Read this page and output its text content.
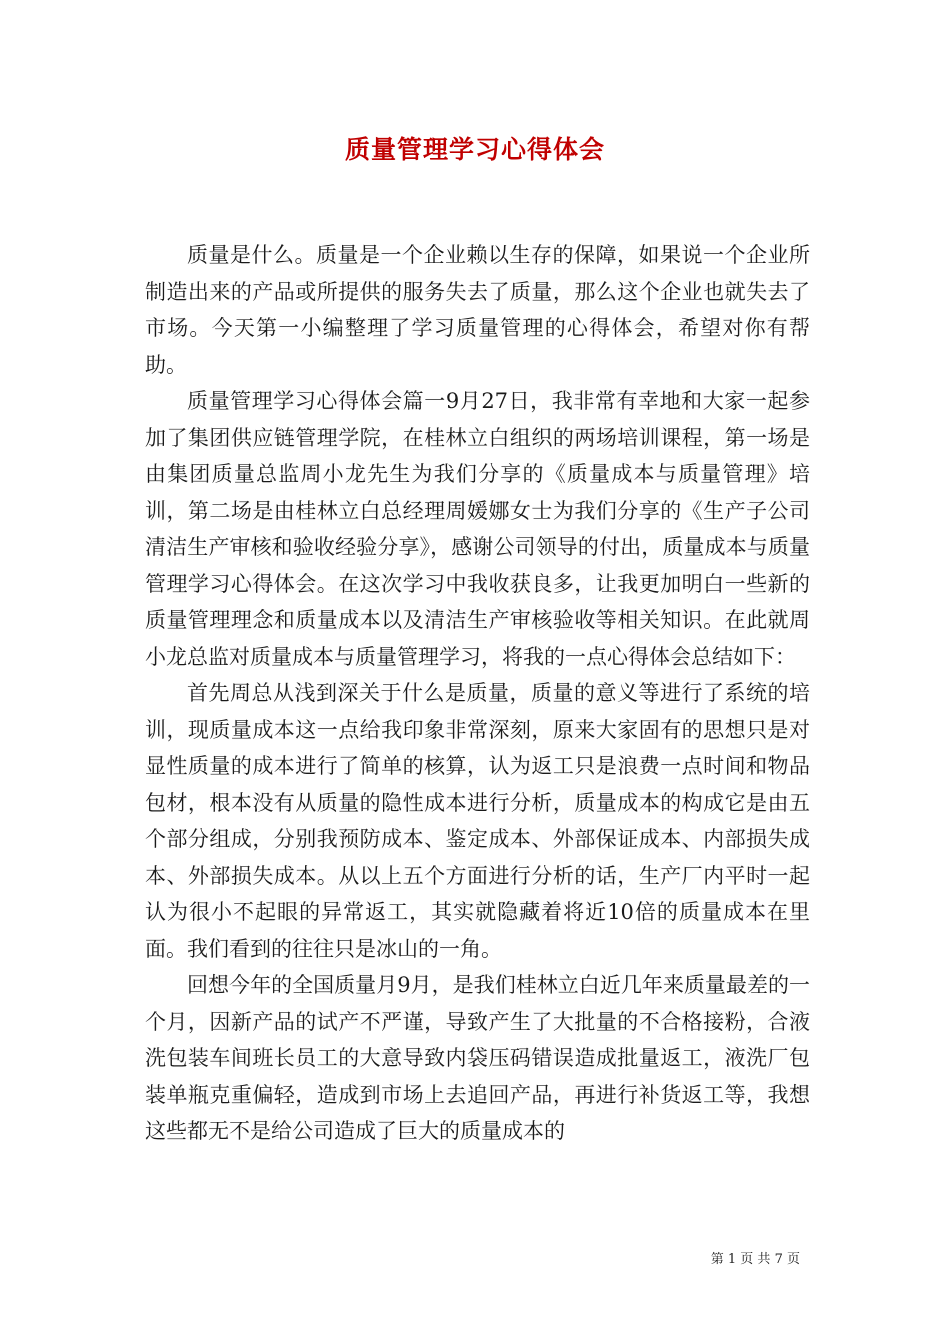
质量管理学习心得体会

质量是什么。质量是一个企业赖以生存的保障，如果说一个企业所制造出来的产品或所提供的服务失去了质量，那么这个企业也就失去了市场。今天第一小编整理了学习质量管理的心得体会，希望对你有帮助。

质量管理学习心得体会篇一9月27日，我非常有幸地和大家一起参加了集团供应链管理学院，在桂林立白组织的两场培训课程，第一场是由集团质量总监周小龙先生为我们分享的《质量成本与质量管理》培训，第二场是由桂林立白总经理周媛娜女士为我们分享的《生产子公司清洁生产审核和验收经验分享》，感谢公司领导的付出，质量成本与质量管理学习心得体会。在这次学习中我收获良多，让我更加明白一些新的质量管理理念和质量成本以及清洁生产审核验收等相关知识。在此就周小龙总监对质量成本与质量管理学习，将我的一点心得体会总结如下：

首先周总从浅到深关于什么是质量，质量的意义等进行了系统的培训，现质量成本这一点给我印象非常深刻，原来大家固有的思想只是对显性质量的成本进行了简单的核算，认为返工只是浪费一点时间和物品包材，根本没有从质量的隐性成本进行分析，质量成本的构成它是由五个部分组成，分别我预防成本、鉴定成本、外部保证成本、内部损失成本、外部损失成本。从以上五个方面进行分析的话，生产厂内平时一起认为很小不起眼的异常返工，其实就隐藏着将近10倍的质量成本在里面。我们看到的往往只是冰山的一角。

回想今年的全国质量月9月，是我们桂林立白近几年来质量最差的一个月，因新产品的试产不严谨，导致产生了大批量的不合格接粉，合液洗包装车间班长员工的大意导致内袋压码错误造成批量返工，液洗厂包装单瓶克重偏轻，造成到市场上去追回产品，再进行补货返工等，我想这些都无不是给公司造成了巨大的质量成本的

第 1 页 共 7 页
